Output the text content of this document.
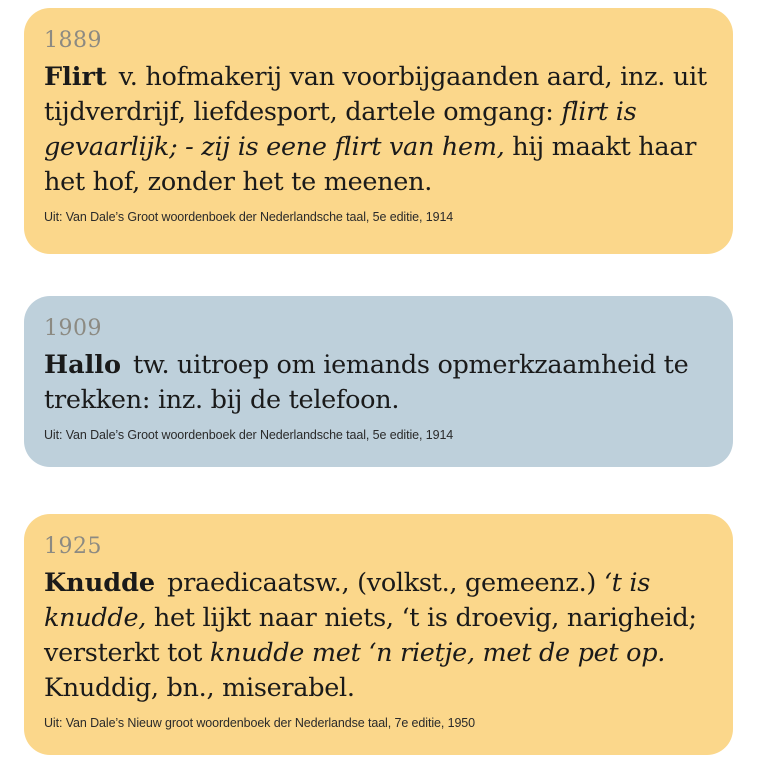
1889
Flirt v. hofmakerij van voorbijgaanden aard, inz. uit tijdverdrijf, liefdesport, dartele omgang: flirt is gevaarlijk; - zij is eene flirt van hem, hij maakt haar het hof, zonder het te meenen.
Uit: Van Dale’s Groot woordenboek der Nederlandsche taal, 5e editie, 1914
1909
Hallo tw. uitroep om iemands opmerkzaamheid te trekken: inz. bij de telefoon.
Uit: Van Dale’s Groot woordenboek der Nederlandsche taal, 5e editie, 1914
1925
Knudde praedicaatsw., (volkst., gemeenz.) ‘t is knudde, het lijkt naar niets, ‘t is droevig, narigheid; versterkt tot knudde met ‘n rietje, met de pet op. Knuddig, bn., miserabel.
Uit: Van Dale’s Nieuw groot woordenboek der Nederlandse taal, 7e editie, 1950
